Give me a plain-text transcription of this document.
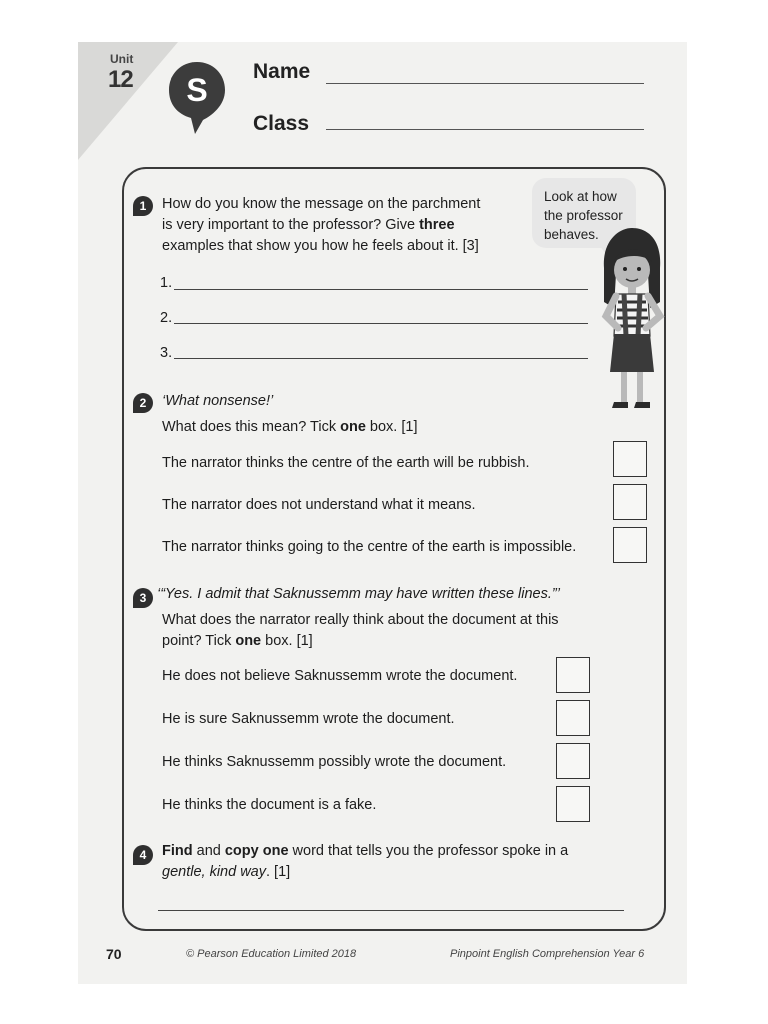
Unit
12 S
Name
Class
1	How do you know the message on the parchment
is very important to the professor? Give three
examples that show you how he feels about it. [3]
Look at how
the professor
behaves.
1.
2.
3.
2	‘What nonsense!’
What does this mean? Tick one box. [1]
The narrator thinks the centre of the earth will be rubbish.
The narrator does not understand what it means.
The narrator thinks going to the centre of the earth is impossible.
3 ‘“Yes. I admit that Saknussemm may have written these lines.”’
What does the narrator really think about the document at this
point? Tick one box. [1]
He does not believe Saknussemm wrote the document.
He is sure Saknussemm wrote the document.
He thinks Saknussemm possibly wrote the document.
He thinks the document is a fake.
4	Find and copy one word that tells you the professor spoke in a
gentle, kind way. [1]
70	© Pearson Education Limited 2018	Pinpoint English Comprehension Year 6
